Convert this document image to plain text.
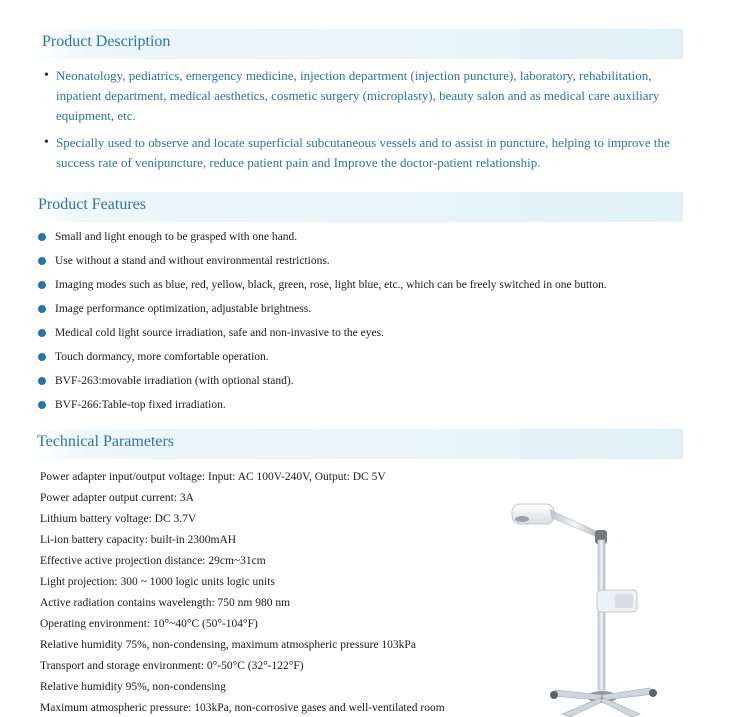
Product Description
• Neonatology, pediatrics, emergency medicine, injection department (injection puncture), laboratory, rehabilitation, inpatient department, medical aesthetics, cosmetic surgery (microplasty), beauty salon and as medical care auxiliary equipment, etc.
• Specially used to observe and locate superficial subcutaneous vessels and to assist in puncture, helping to improve the success rate of venipuncture, reduce patient pain and Improve the doctor-patient relationship.
Product Features
Small and light enough to be grasped with one hand.
Use without a stand and without environmental restrictions.
Imaging modes such as blue, red, yellow, black, green, rose, light blue, etc., which can be freely switched in one button.
Image performance optimization, adjustable brightness.
Medical cold light source irradiation, safe and non-invasive to the eyes.
Touch dormancy, more comfortable operation.
BVF-263:movable irradiation (with optional stand).
BVF-266:Table-top fixed irradiation.
Technical Parameters
Power adapter input/output voltage: Input: AC 100V-240V, Output: DC 5V
Power adapter output current: 3A
Lithium battery voltage: DC 3.7V
Li-ion battery capacity: built-in 2300mAH
Effective active projection distance: 29cm~31cm
Light projection: 300 ~ 1000 logic units logic units
Active radiation contains wavelength: 750 nm 980 nm
Operating environment: 10°~40°C (50°-104°F)
Relative humidity 75%, non-condensing, maximum atmospheric pressure 103kPa
Transport and storage environment: 0°-50°C (32°-122°F)
Relative humidity 95%, non-condensing
Maximum atmospheric pressure: 103kPa, non-corrosive gases and well-ventilated room
